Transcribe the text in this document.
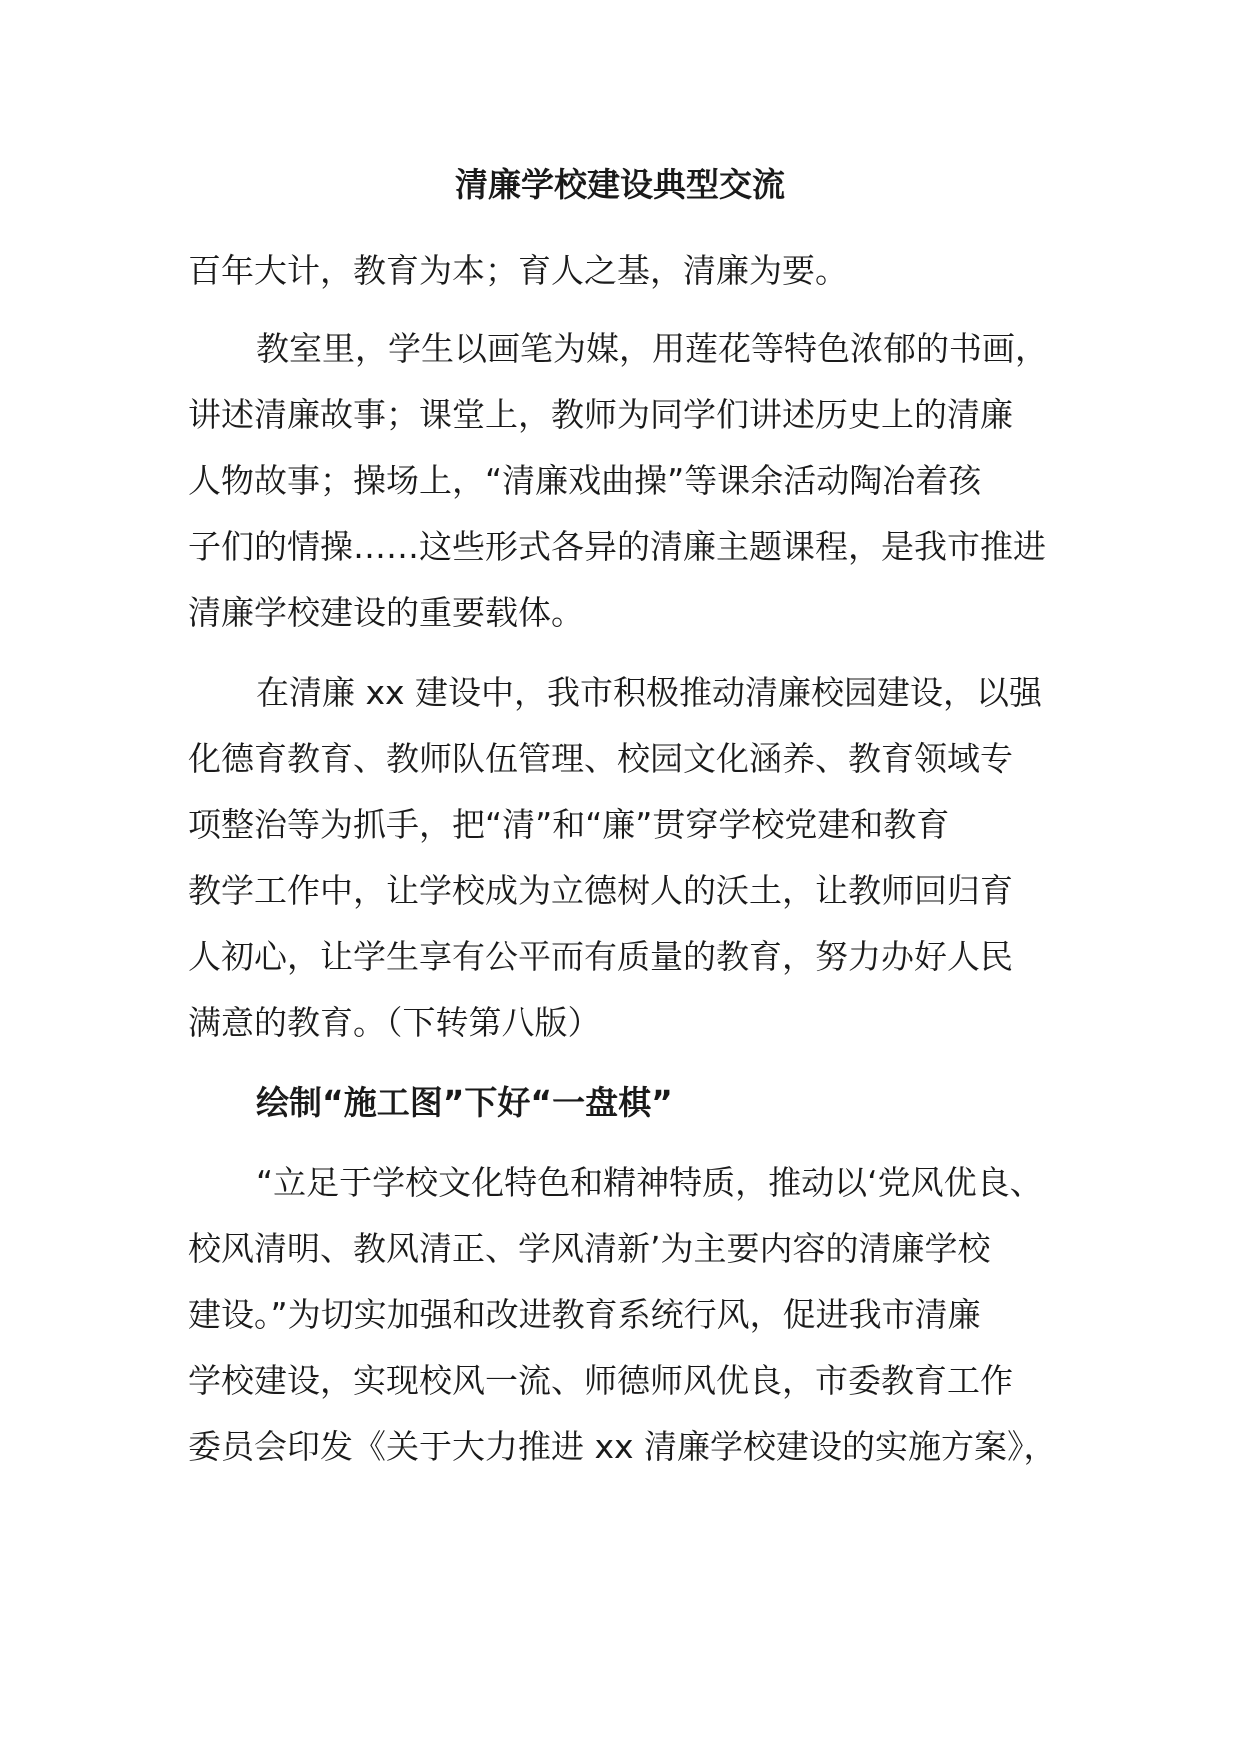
清廉学校建设典型交流
百年大计，教育为本；育人之基，清廉为要。
教室里，学生以画笔为媒，用莲花等特色浓郁的书画，
讲述清廉故事；课堂上，教师为同学们讲述历史上的清廉
人物故事；操场上，“清廉戏曲操”等课余活动陶冶着孩
子们的情操……这些形式各异的清廉主题课程，是我市推进
清廉学校建设的重要载体。
在清廉 xx 建设中，我市积极推动清廉校园建设，以强
化德育教育、教师队伍管理、校园文化涵养、教育领域专
项整治等为抓手，把“清”和“廉”贯穿学校党建和教育
教学工作中，让学校成为立德树人的沃土，让教师回归育
人初心，让学生享有公平而有质量的教育，努力办好人民
满意的教育。（下转第八版）
绘制“施工图”下好“一盘棋”
“立足于学校文化特色和精神特质，推动以‘党风优良、
校风清明、教风清正、学风清新’为主要内容的清廉学校
建设。”为切实加强和改进教育系统行风，促进我市清廉
学校建设，实现校风一流、师德师风优良，市委教育工作
委员会印发《关于大力推进 xx 清廉学校建设的实施方案》，
